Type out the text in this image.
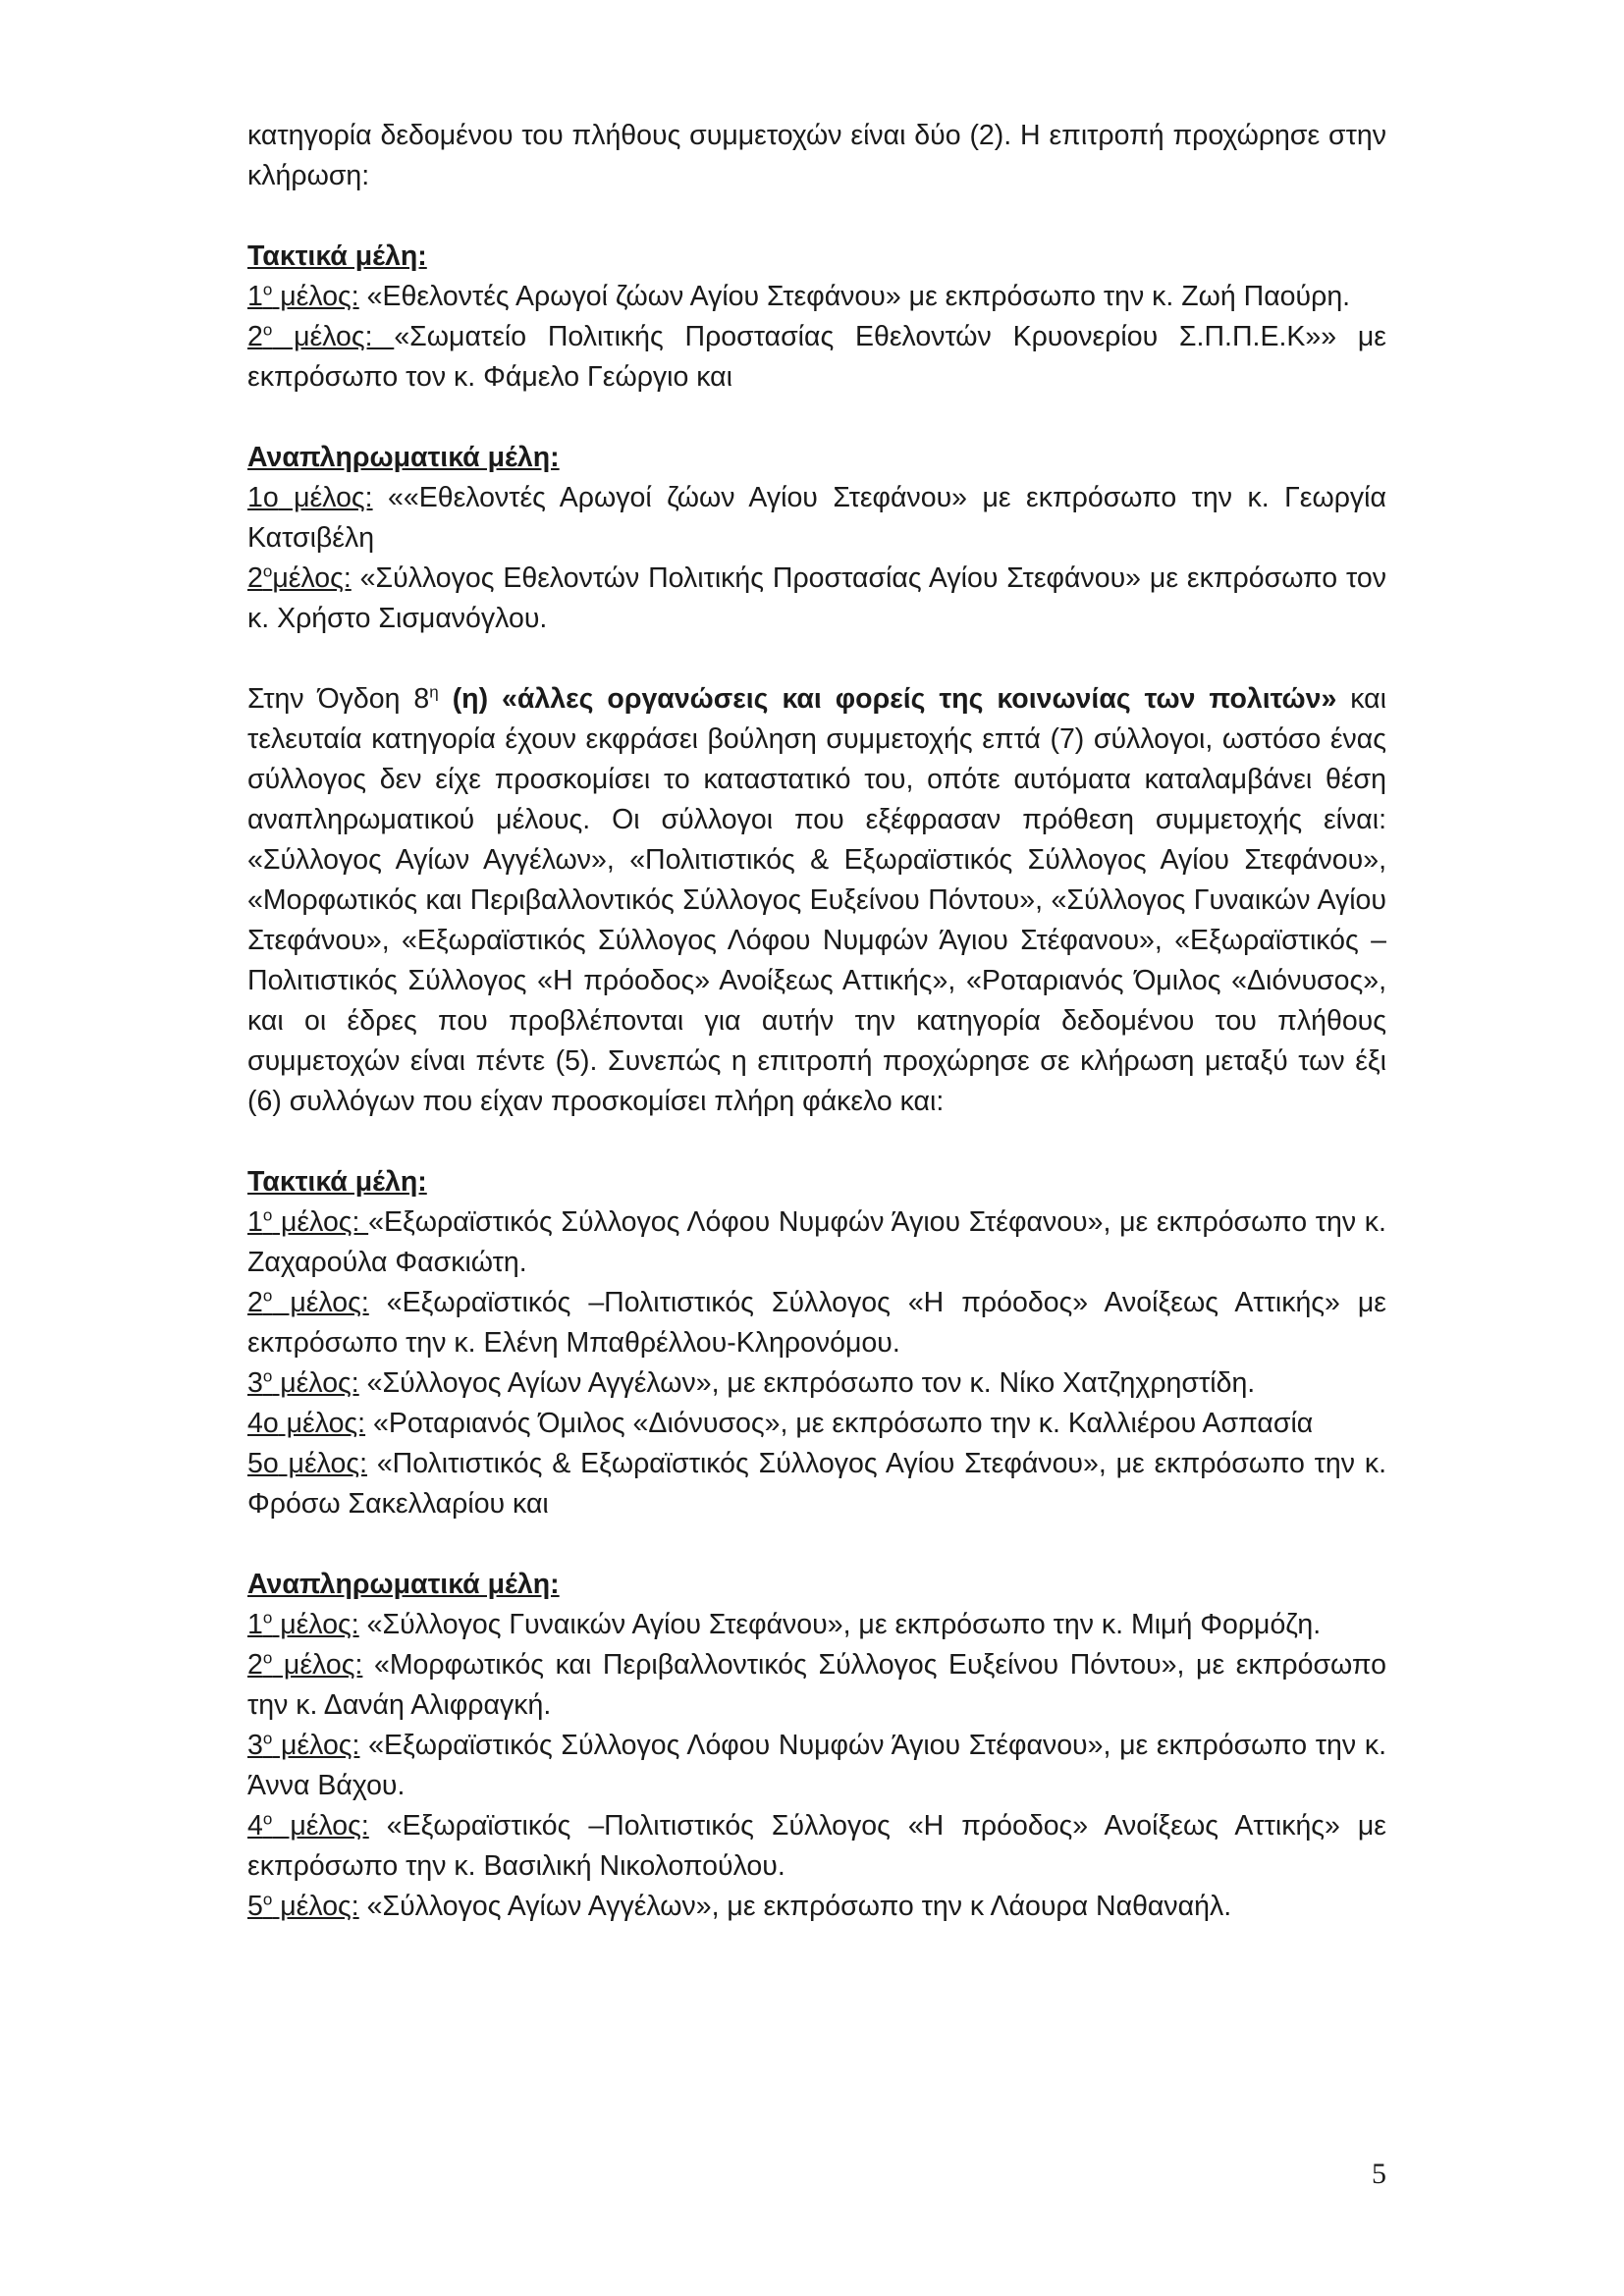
κατηγορία δεδομένου του πλήθους συμμετοχών είναι δύο (2). Η επιτροπή προχώρησε στην κλήρωση:

Τακτικά μέλη:

$1^o$ μέλος: «Εθελοντές Αρωγοί ζώων Αγίου Στεφάνου» με εκπρόσωπο την κ. Ζωή Παούρη.

$2^o$ μέλος: «Σωματείο Πολιτικής Προστασίας Εθελοντών Κρυονερίου Σ.Π.Π.Ε.Κ»» με εκπρόσωπο τον κ. Φάμελο Γεώργιο και

Αναπληρωματικά μέλη:

1ο μέλος: ««Εθελοντές Αρωγοί ζώων Αγίου Στεφάνου» με εκπρόσωπο την κ. Γεωργία Κατσιβέλη

$2^o\mu έ\lambda o\varsigma$: «Σύλλογος Εθελοντών Πολιτικής Προστασίας Αγίου Στεφάνου» με εκπρόσωπο τον κ. Χρήστο Σισμανόγλου.

Στην Όγδοη $8^\eta$ (η) «άλλες οργανώσεις και φορείς της κοινωνίας των πολιτών» και τελευταία κατηγορία έχουν εκφράσει βούληση συμμετοχής επτά (7) σύλλογοι, ωστόσο ένας σύλλογος δεν είχε προσκομίσει το καταστατικό του, οπότε αυτόματα καταλαμβάνει θέση αναπληρωματικού μέλους. Οι σύλλογοι που εξέφρασαν πρόθεση συμμετοχής είναι: «Σύλλογος Αγίων Αγγέλων», «Πολιτιστικός & Εξωραϊστικός Σύλλογος Αγίου Στεφάνου», «Μορφωτικός και Περιβαλλοντικός Σύλλογος Ευξείνου Πόντου», «Σύλλογος Γυναικών Αγίου Στεφάνου», «Εξωραϊστικός Σύλλογος Λόφου Νυμφών Άγιου Στέφανου», «Εξωραϊστικός –Πολιτιστικός Σύλλογος «Η πρόοδος» Ανοίξεως Αττικής», «Ροταριανός Όμιλος «Διόνυσος», και οι έδρες που προβλέπονται για αυτήν την κατηγορία δεδομένου του πλήθους συμμετοχών είναι πέντε (5). Συνεπώς η επιτροπή προχώρησε σε κλήρωση μεταξύ των έξι (6) συλλόγων που είχαν προσκομίσει πλήρη φάκελο και:

Τακτικά μέλη:

$1^o$ μέλος: «Εξωραϊστικός Σύλλογος Λόφου Νυμφών Άγιου Στέφανου», με εκπρόσωπο την κ. Ζαχαρούλα Φασκιώτη.

$2^o$ μέλος: «Εξωραϊστικός –Πολιτιστικός Σύλλογος «Η πρόοδος» Ανοίξεως Αττικής» με εκπρόσωπο την κ. Ελένη Μπαθρέλλου-Κληρονόμου.

$3^o$ μέλος: «Σύλλογος Αγίων Αγγέλων», με εκπρόσωπο τον κ. Νίκο Χατζηχρηστίδη.

4ο μέλος: «Ροταριανός Όμιλος «Διόνυσος», με εκπρόσωπο την κ. Καλλιέρου Ασπασία

5ο μέλος: «Πολιτιστικός & Εξωραϊστικός Σύλλογος Αγίου Στεφάνου», με εκπρόσωπο την κ. Φρόσω Σακελλαρίου και

Αναπληρωματικά μέλη:

$1^o$ μέλος: «Σύλλογος Γυναικών Αγίου Στεφάνου», με εκπρόσωπο την κ. Μιμή Φορμόζη.

$2^o$ μέλος: «Μορφωτικός και Περιβαλλοντικός Σύλλογος Ευξείνου Πόντου», με εκπρόσωπο την κ. Δανάη Αλιφραγκή.

$3^o$ μέλος: «Εξωραϊστικός Σύλλογος Λόφου Νυμφών Άγιου Στέφανου», με εκπρόσωπο την κ. Άννα Βάχου.

$4^o$ μέλος: «Εξωραϊστικός –Πολιτιστικός Σύλλογος «Η πρόοδος» Ανοίξεως Αττικής» με εκπρόσωπο την κ. Βασιλική Νικολοπούλου.

$5^o$ μέλος: «Σύλλογος Αγίων Αγγέλων», με εκπρόσωπο την κ Λάουρα Ναθαναήλ.

5
